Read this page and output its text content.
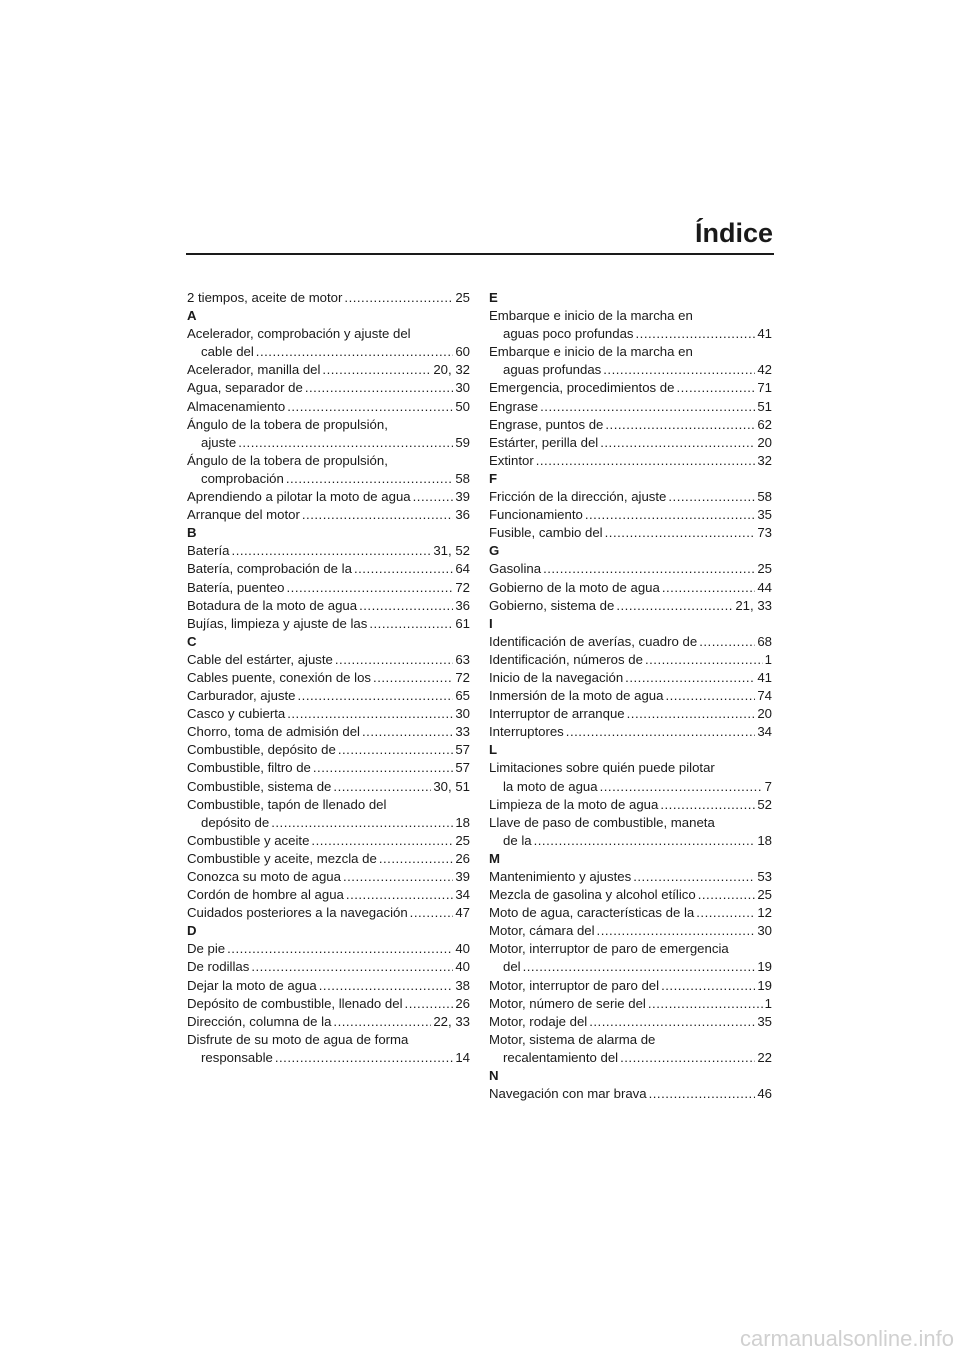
Índice
2 tiempos, aceite de motor .....	25
A
Acelerador, comprobación y ajuste del
cable del .....	60
Acelerador, manilla del .....	20, 32
Agua, separador de .....	30
Almacenamiento .....	50
Ángulo de la tobera de propulsión,
ajuste .....	59
Ángulo de la tobera de propulsión,
comprobación .....	58
Aprendiendo a pilotar la moto de agua .....	39
Arranque del motor .....	36
B
Batería .....	31, 52
Batería, comprobación de la .....	64
Batería, puenteo .....	72
Botadura de la moto de agua .....	36
Bujías, limpieza y ajuste de las .....	61
C
Cable del estárter, ajuste .....	63
Cables puente, conexión de los .....	72
Carburador, ajuste .....	65
Casco y cubierta .....	30
Chorro, toma de admisión del .....	33
Combustible, depósito de .....	57
Combustible, filtro de .....	57
Combustible, sistema de .....	30, 51
Combustible, tapón de llenado del
depósito de .....	18
Combustible y aceite .....	25
Combustible y aceite, mezcla de .....	26
Conozca su moto de agua .....	39
Cordón de hombre al agua .....	34
Cuidados posteriores a la navegación .....	47
D
De pie .....	40
De rodillas .....	40
Dejar la moto de agua .....	38
Depósito de combustible, llenado del .....	26
Dirección, columna de la .....	22, 33
Disfrute de su moto de agua de forma
responsable .....	14
E
Embarque e inicio de la marcha en
aguas poco profundas .....	41
Embarque e inicio de la marcha en
aguas profundas .....	42
Emergencia, procedimientos de .....	71
Engrase .....	51
Engrase, puntos de .....	62
Estárter, perilla del .....	20
Extintor .....	32
F
Fricción de la dirección, ajuste .....	58
Funcionamiento .....	35
Fusible, cambio del .....	73
G
Gasolina .....	25
Gobierno de la moto de agua .....	44
Gobierno, sistema de .....	21, 33
I
Identificación de averías, cuadro de .....	68
Identificación, números de .....	1
Inicio de la navegación .....	41
Inmersión de la moto de agua .....	74
Interruptor de arranque .....	20
Interruptores .....	34
L
Limitaciones sobre quién puede pilotar
la moto de agua .....	7
Limpieza de la moto de agua .....	52
Llave de paso de combustible, maneta
de la .....	18
M
Mantenimiento y ajustes .....	53
Mezcla de gasolina y alcohol etílico .....	25
Moto de agua, características de la .....	12
Motor, cámara del .....	30
Motor, interruptor de paro de emergencia
del .....	19
Motor, interruptor de paro del .....	19
Motor, número de serie del .....	1
Motor, rodaje del .....	35
Motor, sistema de alarma de
recalentamiento del .....	22
N
Navegación con mar brava .....	46
carmanualsonline.info
